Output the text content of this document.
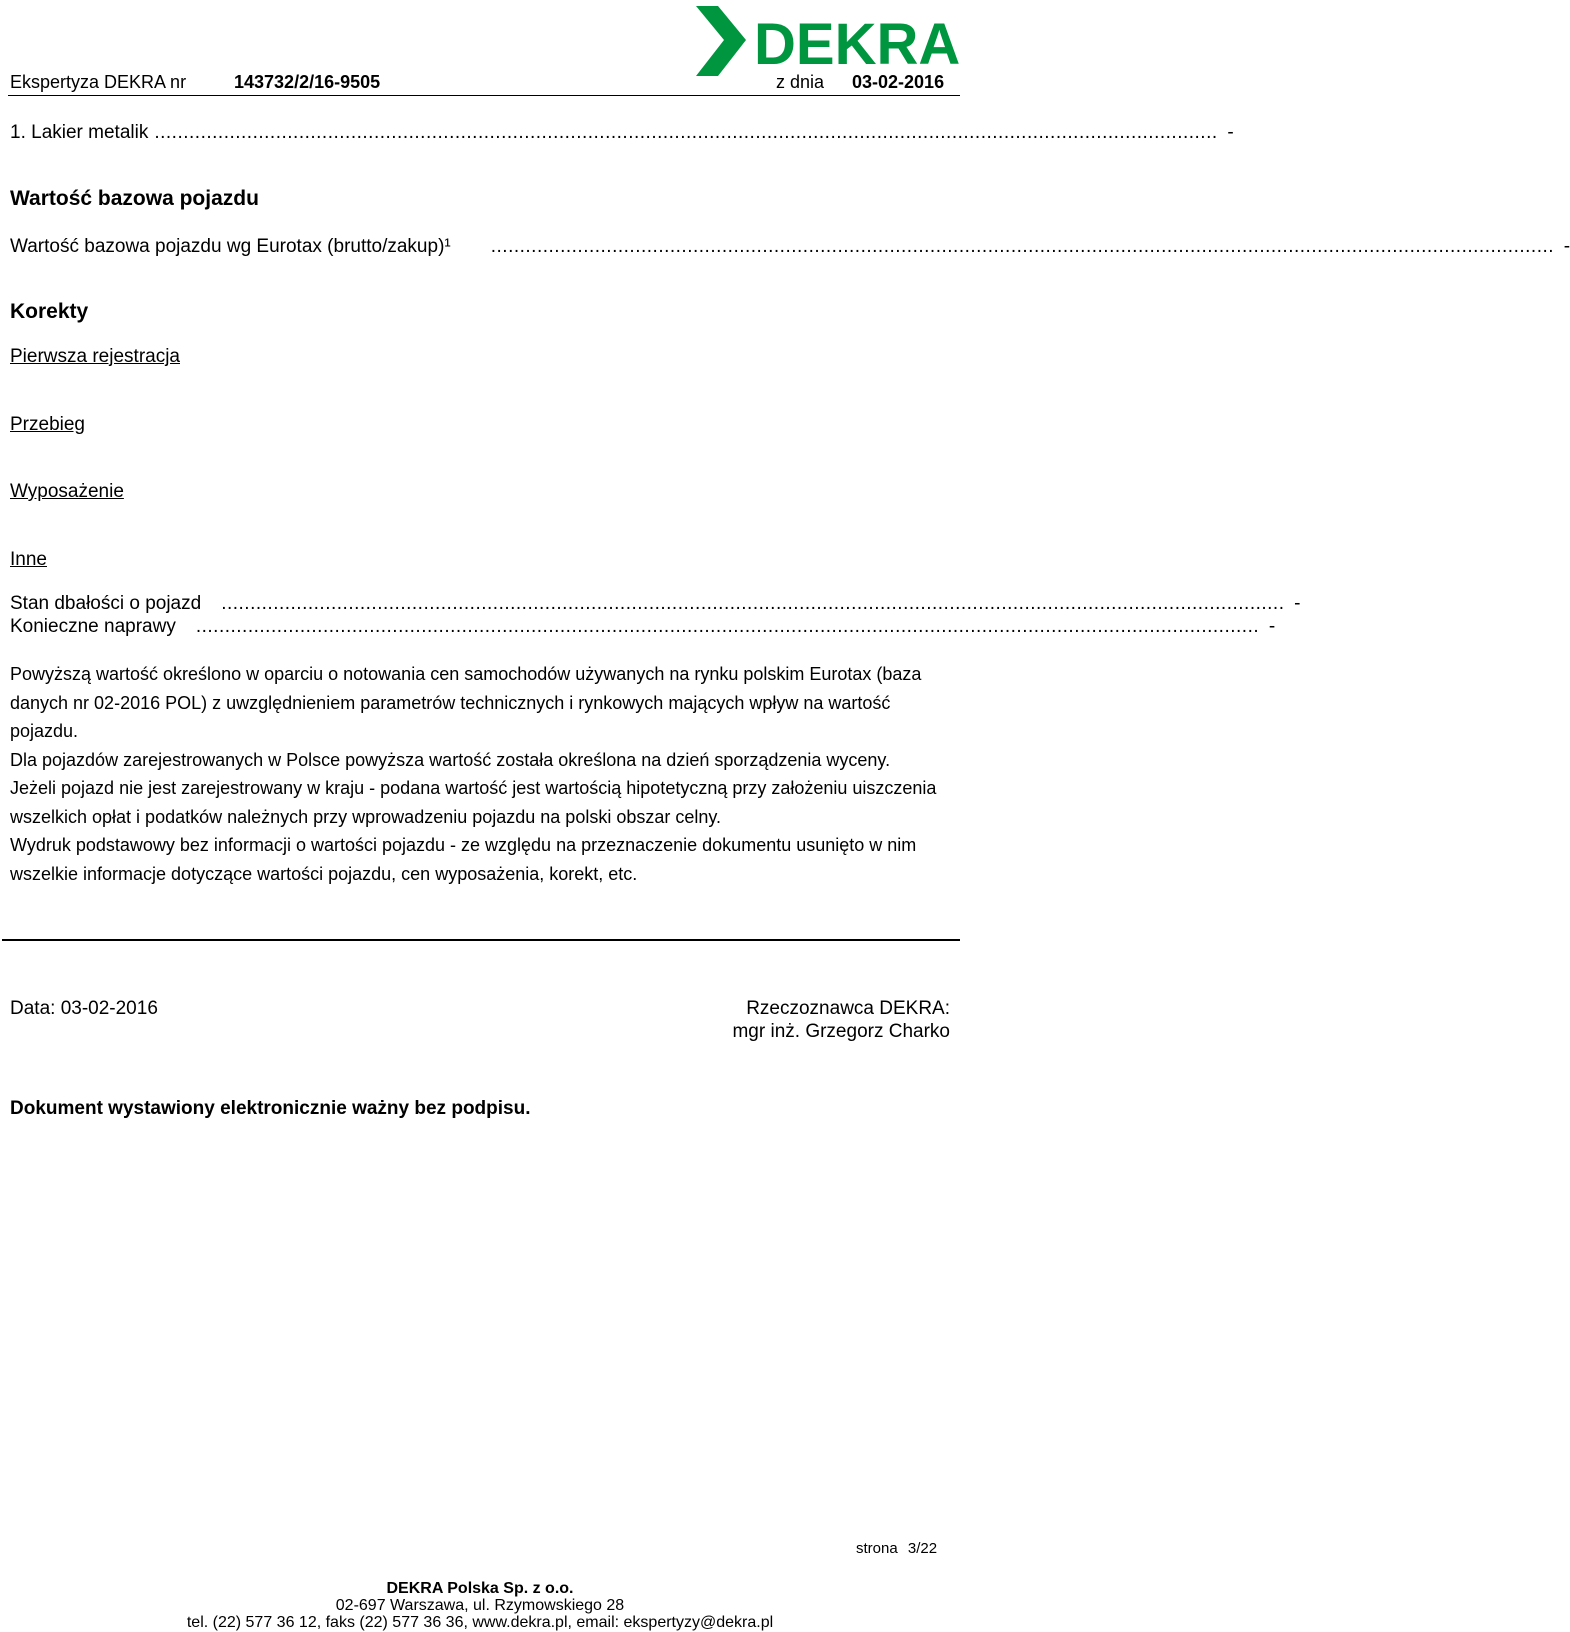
DEKRA
Ekspertyza DEKRA nr	143732/2/16-9505	z dnia 03-02-2016
1. Lakier metalik ........................................................................................................................................................................................ -
Wartość bazowa pojazdu
Wartość bazowa pojazdu wg Eurotax (brutto/zakup)¹ ........................................................................................................................................................................................ -
Korekty
Pierwsza rejestracja
Przebieg
Wyposażenie
Inne
Stan dbałości o pojazd ........................................................................................................................................................................................ -
Konieczne naprawy ........................................................................................................................................................................................ -

Powyższą wartość określono w oparciu o notowania cen samochodów używanych na rynku polskim Eurotax (baza danych nr 02-2016 POL) z uwzględnieniem parametrów technicznych i rynkowych mających wpływ na wartość pojazdu.

Dla pojazdów zarejestrowanych w Polsce powyższa wartość została określona na dzień sporządzenia wyceny.

Jeżeli pojazd nie jest zarejestrowany w kraju - podana wartość jest wartością hipotetyczną przy założeniu uiszczenia wszelkich opłat i podatków należnych przy wprowadzeniu pojazdu na polski obszar celny.

Wydruk podstawowy bez informacji o wartości pojazdu - ze względu na przeznaczenie dokumentu usunięto w nim wszelkie informacje dotyczące wartości pojazdu, cen wyposażenia, korekt, etc.

Data: 03-02-2016	Rzeczoznawca DEKRA:
mgr inż. Grzegorz Charko
Dokument wystawiony elektronicznie ważny bez podpisu.
strona 3/22
DEKRA Polska Sp. z o.o.
02-697 Warszawa, ul. Rzymowskiego 28
tel. (22) 577 36 12, faks (22) 577 36 36, www.dekra.pl, email: ekspertyzy@dekra.pl
